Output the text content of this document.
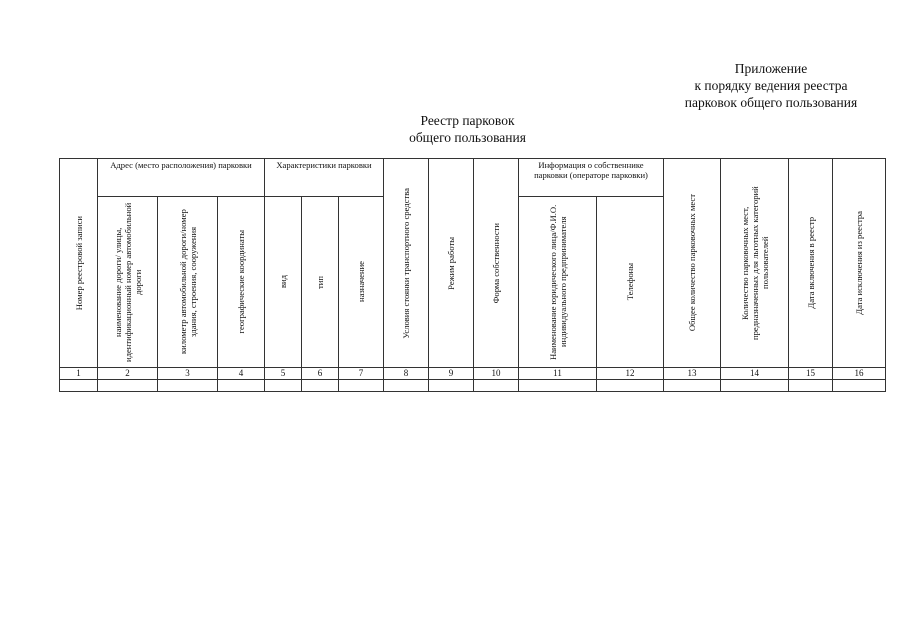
Приложение
к порядку ведения реестра
парковок общего пользования
Реестр парковок
общего пользования
Номер реестровой записи	Адрес (место расположения) парковки			Характеристики парковки			Условия стоянки транспортного средства	Режим работы	Форма собственности	Информация о собственнике парковки (операторе парковки)		Общее количество парковочных мест	Количество парковочных мест, предназначенных для льготных категорий пользователей	Дата включения в реестр	Дата исключения из реестра

	наименование дороги/ улицы, идентификационный номер автомобильной дороги	километр автомобильной дороги/номер здания, строения, сооружения	географические координаты	вид	тип	назначение				Наименование юридического лица/Ф.И.О. индивидуального предпринимателя	Телефоны				

1	2	3	4	5	6	7	8	9	10	11	12	13	14	15	16
